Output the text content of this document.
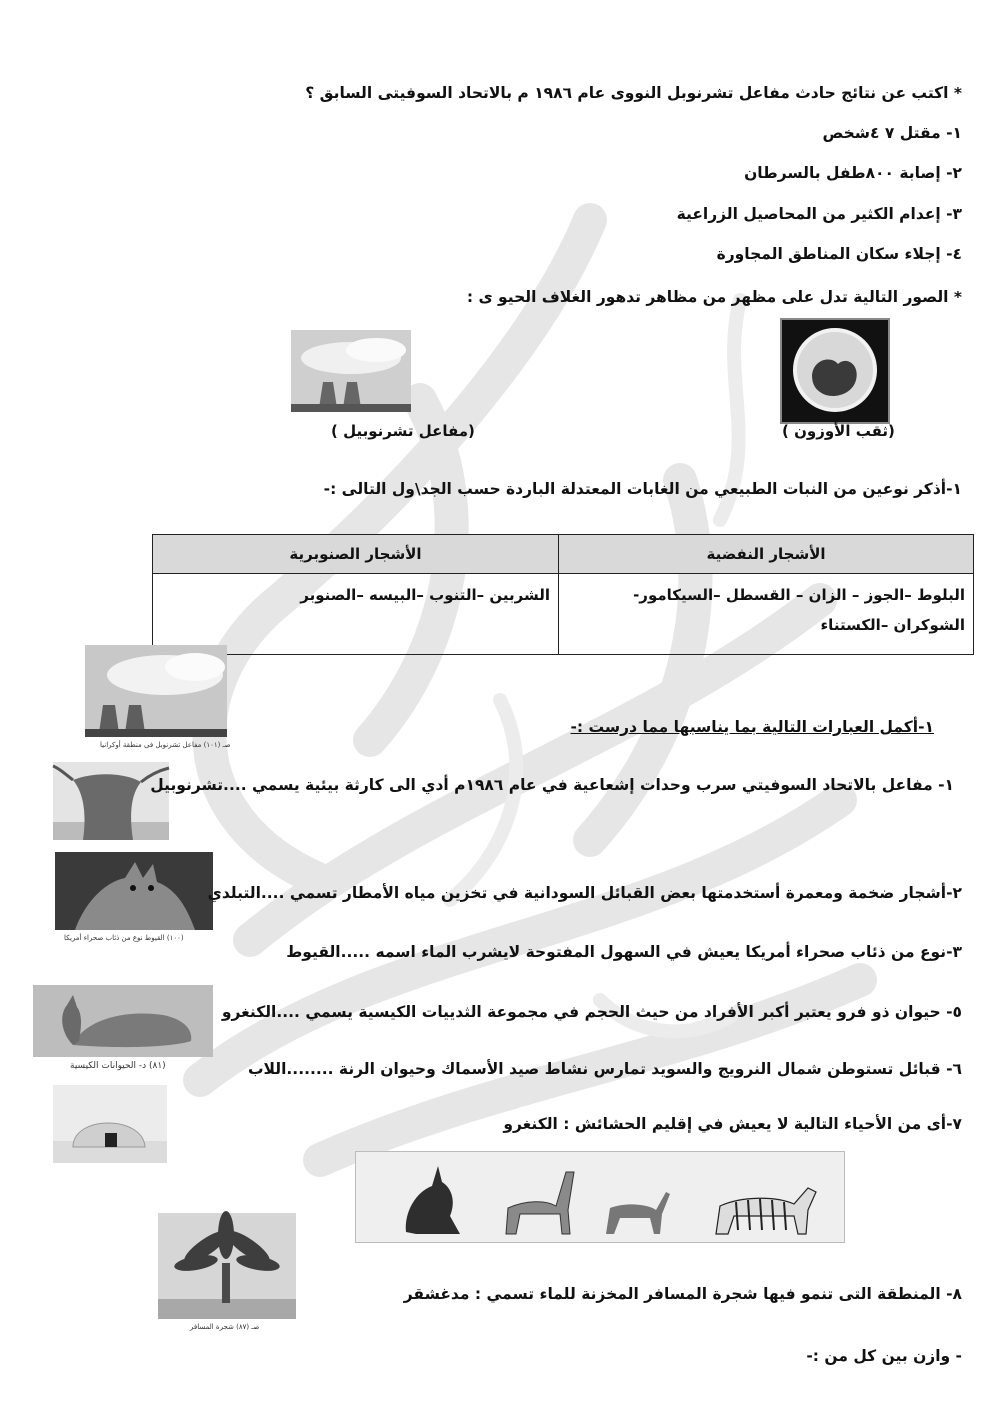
* اكتب عن نتائج حادث مفاعل تشرنوبل النووى عام ١٩٨٦ م بالاتحاد السوفيتى السابق ؟
١- مقتل ٧ ٤شخص
٢- إصابة ٨٠٠طفل بالسرطان
٣- إعدام الكثير من المحاصيل الزراعية
٤- إجلاء سكان المناطق المجاورة
* الصور التالية تدل على مظهر من مظاهر تدهور الغلاف الحيو ى :
(ثقب الأوزون )
(مفاعل تشرنوبيل )
١-أذكر نوعين من النبات الطبيعي من الغابات المعتدلة الباردة حسب الجد\ول التالى :-
الأشجار النفضية	الأشجار الصنوبرية
البلوط –الجوز – الزان – القسطل –السيكامور- الشوكران –الكستناء	الشربين –التنوب –البيسه –الصنوبر
صـ (١٠١) مفاعل تشرنوبل فى منطقة أوكرانيا
١-أكمل العبارات التالية بما يناسبها مما درست :-
١- مفاعل بالاتحاد السوفيتي سرب وحدات إشعاعية في عام ١٩٨٦م أدي الى كارثة بيئية يسمي ....تشرنوبيل
(١٠٠) القيوط نوع من ذئاب صحراء أمريكا
٢-أشجار ضخمة ومعمرة أستخدمتها بعض القبائل السودانية في تخزين مياه الأمطار تسمي ....التبلدي
٣-نوع من ذئاب صحراء أمريكا يعيش في السهول المفتوحة لايشرب الماء اسمه .....القيوط
(٨١) د- الحيوانات الكيسية
٥- حيوان ذو فرو يعتبر أكبر الأفراد من حيث الحجم في مجموعة الثدييات الكيسية يسمي ....الكنغرو
٦- قبائل تستوطن شمال النرويج والسويد تمارس نشاط صيد الأسماك وحيوان الرنة ........اللاب
٧-أى من الأحياء التالية لا يعيش في إقليم الحشائش : الكنغرو
صـ (٨٧) شجرة المسافر
٨- المنطقة التى تنمو فيها شجرة المسافر المخزنة للماء تسمي : مدغشقر
- وازن بين كل من :-
